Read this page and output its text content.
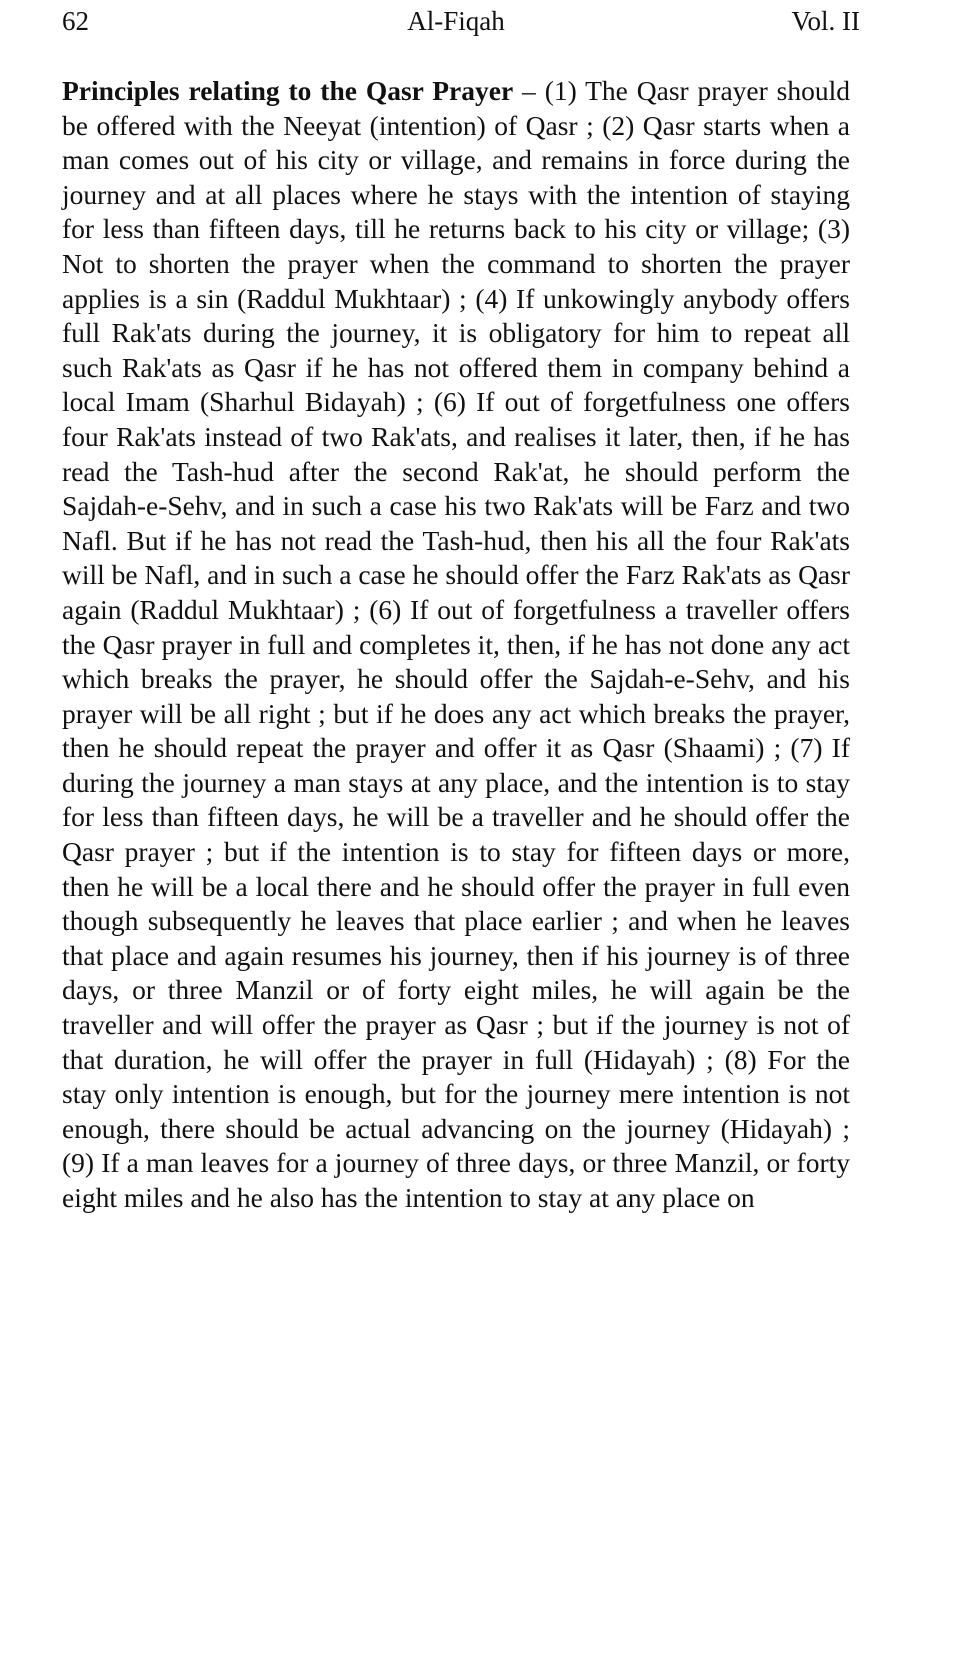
62	Al-Fiqah	Vol. II

Principles relating to the Qasr Prayer – (1) The Qasr prayer should be offered with the Neeyat (intention) of Qasr ; (2) Qasr starts when a man comes out of his city or village, and remains in force during the journey and at all places where he stays with the intention of staying for less than fifteen days, till he returns back to his city or village; (3) Not to shorten the prayer when the command to shorten the prayer applies is a sin (Raddul Mukhtaar) ; (4) If unkowingly anybody offers full Rak'ats during the journey, it is obligatory for him to repeat all such Rak'ats as Qasr if he has not offered them in company behind a local Imam (Sharhul Bidayah) ; (6) If out of forgetfulness one offers four Rak'ats instead of two Rak'ats, and realises it later, then, if he has read the Tash-hud after the second Rak'at, he should perform the Sajdah-e-Sehv, and in such a case his two Rak'ats will be Farz and two Nafl. But if he has not read the Tash-hud, then his all the four Rak'ats will be Nafl, and in such a case he should offer the Farz Rak'ats as Qasr again (Raddul Mukhtaar) ; (6) If out of forgetfulness a traveller offers the Qasr prayer in full and completes it, then, if he has not done any act which breaks the prayer, he should offer the Sajdah-e-Sehv, and his prayer will be all right ; but if he does any act which breaks the prayer, then he should repeat the prayer and offer it as Qasr (Shaami) ; (7) If during the journey a man stays at any place, and the intention is to stay for less than fifteen days, he will be a traveller and he should offer the Qasr prayer ; but if the intention is to stay for fifteen days or more, then he will be a local there and he should offer the prayer in full even though subsequently he leaves that place earlier ; and when he leaves that place and again resumes his journey, then if his journey is of three days, or three Manzil or of forty eight miles, he will again be the traveller and will offer the prayer as Qasr ; but if the journey is not of that duration, he will offer the prayer in full (Hidayah) ; (8) For the stay only intention is enough, but for the journey mere intention is not enough, there should be actual advancing on the journey (Hidayah) ; (9) If a man leaves for a journey of three days, or three Manzil, or forty eight miles and he also has the intention to stay at any place on
